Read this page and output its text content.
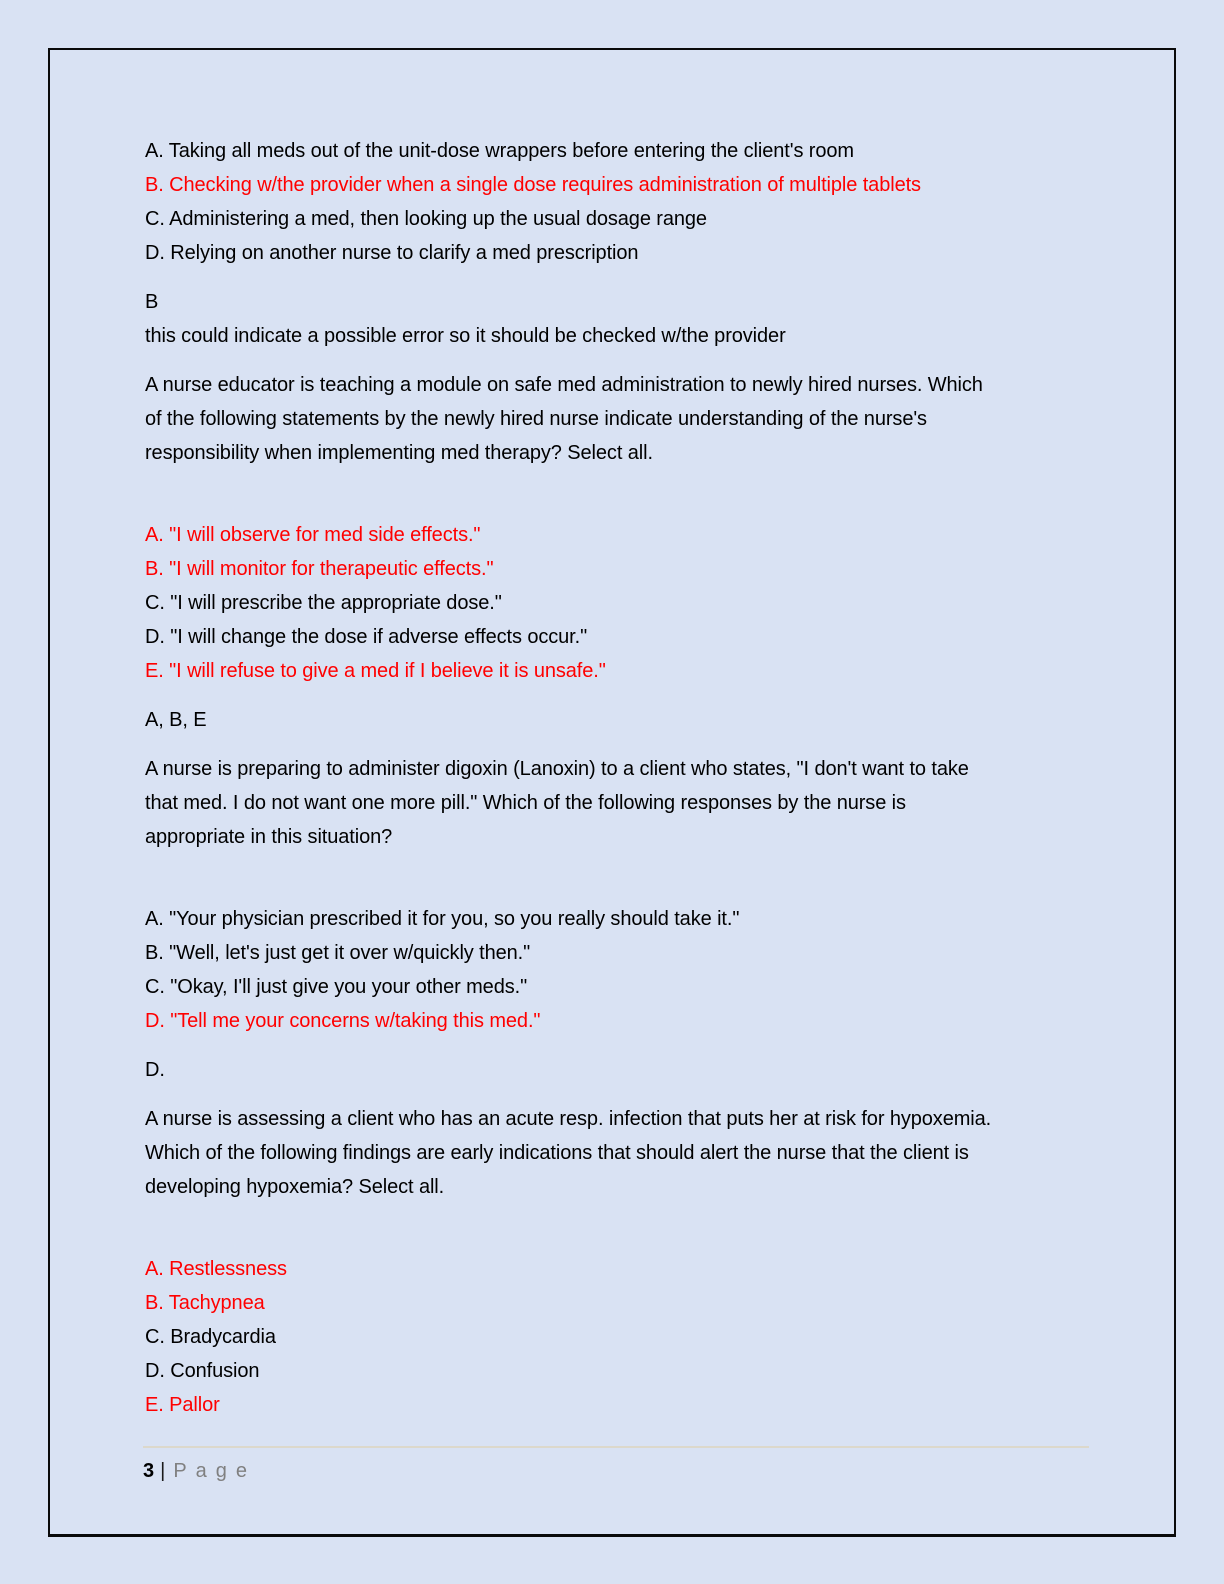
A. Taking all meds out of the unit-dose wrappers before entering the client's room
B. Checking w/the provider when a single dose requires administration of multiple tablets
C. Administering a med, then looking up the usual dosage range
D. Relying on another nurse to clarify a med prescription
B
this could indicate a possible error so it should be checked w/the provider
A nurse educator is teaching a module on safe med administration to newly hired nurses. Which
of the following statements by the newly hired nurse indicate understanding of the nurse's
responsibility when implementing med therapy? Select all.
A. "I will observe for med side effects."
B. "I will monitor for therapeutic effects."
C. "I will prescribe the appropriate dose."
D. "I will change the dose if adverse effects occur."
E. "I will refuse to give a med if I believe it is unsafe."
A, B, E
A nurse is preparing to administer digoxin (Lanoxin) to a client who states, "I don't want to take
that med. I do not want one more pill." Which of the following responses by the nurse is
appropriate in this situation?
A. "Your physician prescribed it for you, so you really should take it."
B. "Well, let's just get it over w/quickly then."
C. "Okay, I'll just give you your other meds."
D. "Tell me your concerns w/taking this med."
D.
A nurse is assessing a client who has an acute resp. infection that puts her at risk for hypoxemia.
Which of the following findings are early indications that should alert the nurse that the client is
developing hypoxemia? Select all.
A. Restlessness
B. Tachypnea
C. Bradycardia
D. Confusion
E. Pallor
3 | Page
